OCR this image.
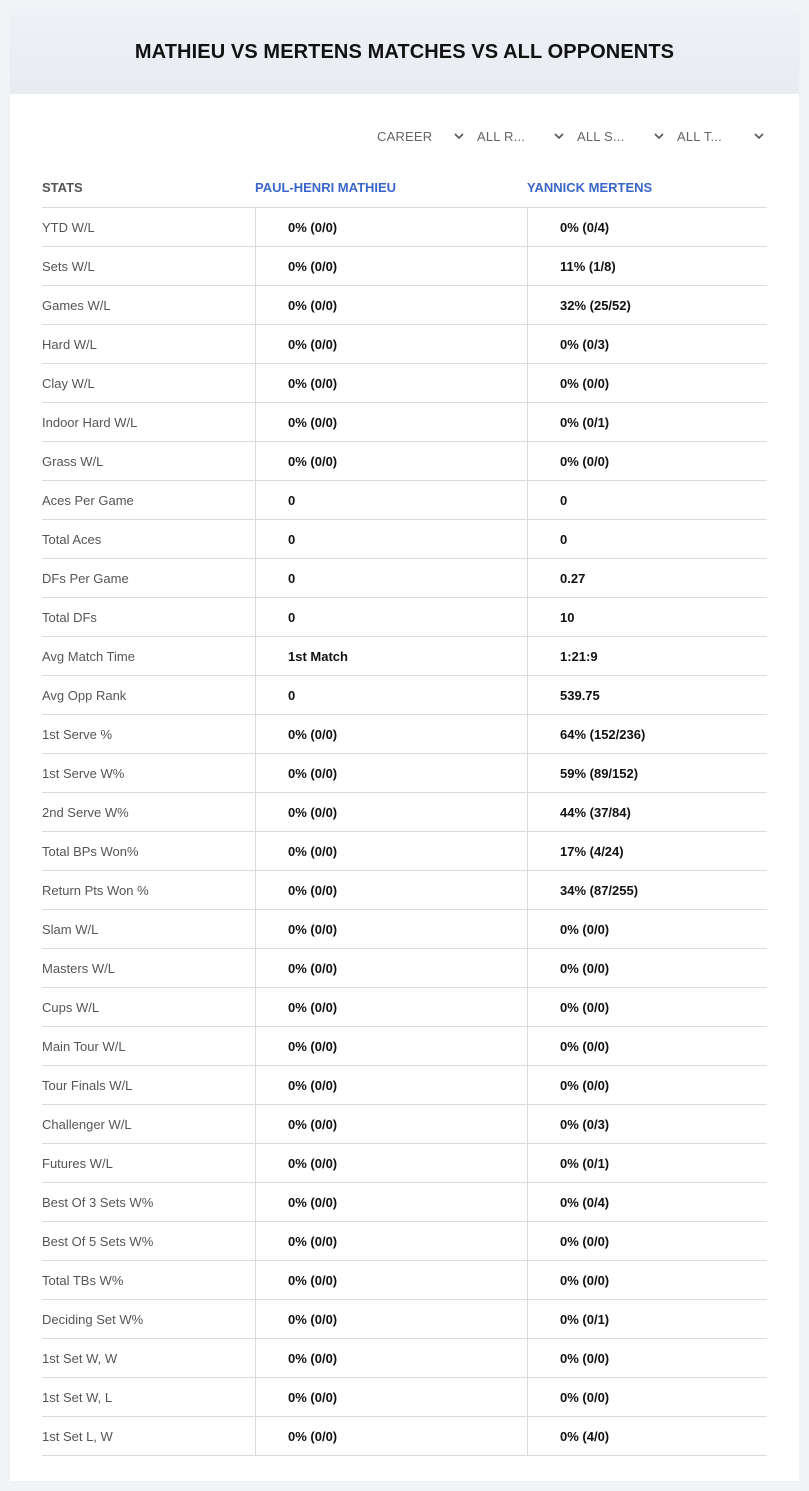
MATHIEU VS MERTENS MATCHES VS ALL OPPONENTS
CAREER	ALL R...	ALL S...	ALL T...
STATS	PAUL-HENRI MATHIEU	YANNICK MERTENS
YTD W/L	0% (0/0)	0% (0/4)
Sets W/L	0% (0/0)	11% (1/8)
Games W/L	0% (0/0)	32% (25/52)
Hard W/L	0% (0/0)	0% (0/3)
Clay W/L	0% (0/0)	0% (0/0)
Indoor Hard W/L	0% (0/0)	0% (0/1)
Grass W/L	0% (0/0)	0% (0/0)
Aces Per Game	0	0
Total Aces	0	0
DFs Per Game	0	0.27
Total DFs	0	10
Avg Match Time	1st Match	1:21:9
Avg Opp Rank	0	539.75
1st Serve %	0% (0/0)	64% (152/236)
1st Serve W%	0% (0/0)	59% (89/152)
2nd Serve W%	0% (0/0)	44% (37/84)
Total BPs Won%	0% (0/0)	17% (4/24)
Return Pts Won %	0% (0/0)	34% (87/255)
Slam W/L	0% (0/0)	0% (0/0)
Masters W/L	0% (0/0)	0% (0/0)
Cups W/L	0% (0/0)	0% (0/0)
Main Tour W/L	0% (0/0)	0% (0/0)
Tour Finals W/L	0% (0/0)	0% (0/0)
Challenger W/L	0% (0/0)	0% (0/3)
Futures W/L	0% (0/0)	0% (0/1)
Best Of 3 Sets W%	0% (0/0)	0% (0/4)
Best Of 5 Sets W%	0% (0/0)	0% (0/0)
Total TBs W%	0% (0/0)	0% (0/0)
Deciding Set W%	0% (0/0)	0% (0/1)
1st Set W, W	0% (0/0)	0% (0/0)
1st Set W, L	0% (0/0)	0% (0/0)
1st Set L, W	0% (0/0)	0% (4/0)
